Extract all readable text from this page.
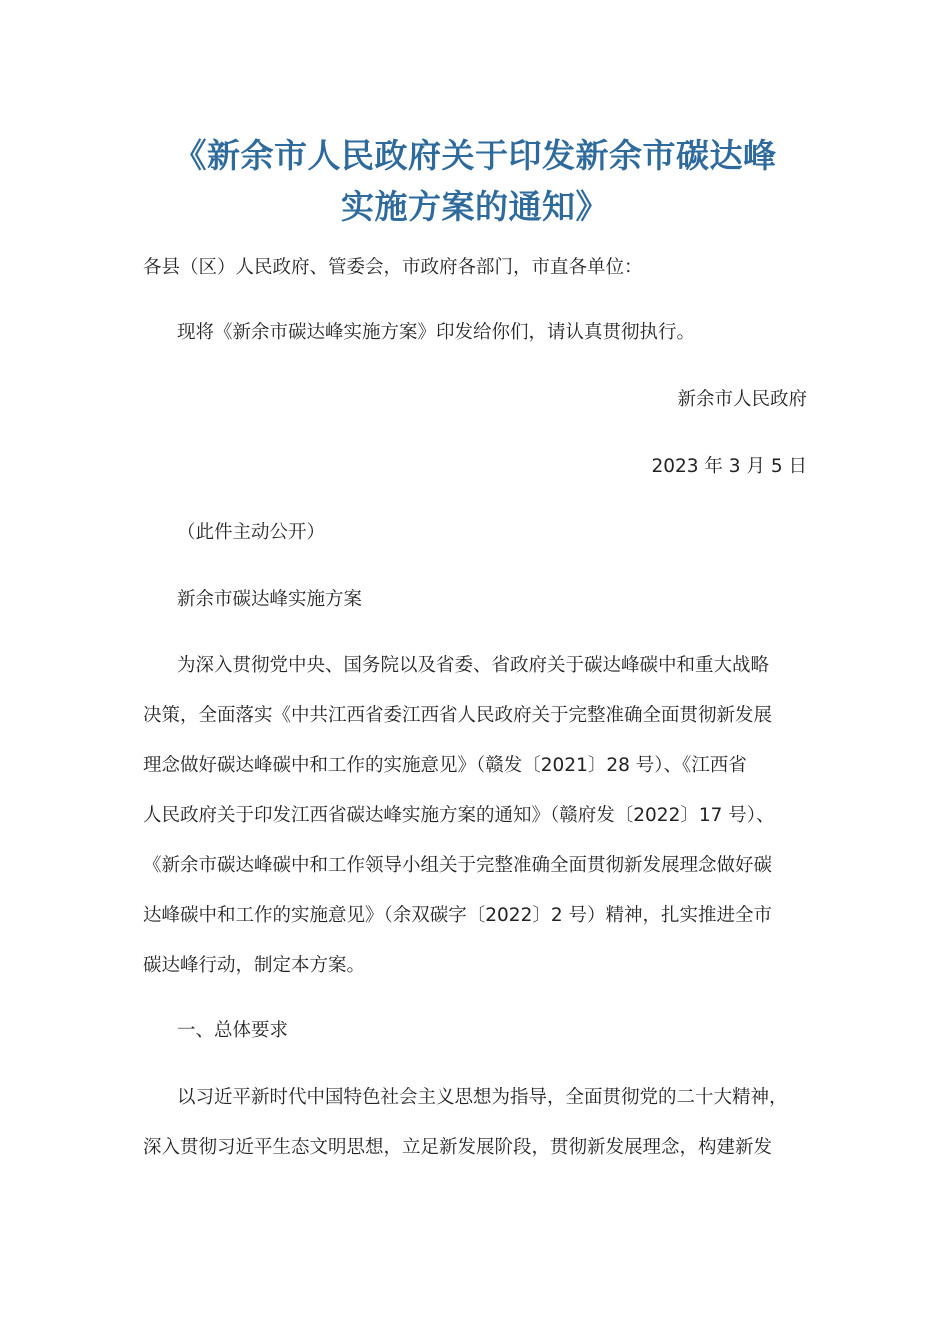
《新余市人民政府关于印发新余市碳达峰
实施方案的通知》
各县（区）人民政府、管委会，市政府各部门，市直各单位：
现将《新余市碳达峰实施方案》印发给你们，请认真贯彻执行。
新余市人民政府
2023 年 3 月 5 日
（此件主动公开）
新余市碳达峰实施方案
为深入贯彻党中央、国务院以及省委、省政府关于碳达峰碳中和重大战略
决策，全面落实《中共江西省委江西省人民政府关于完整准确全面贯彻新发展
理念做好碳达峰碳中和工作的实施意见》（赣发〔2021〕28 号）、《江西省
人民政府关于印发江西省碳达峰实施方案的通知》（赣府发〔2022〕17 号）、
《新余市碳达峰碳中和工作领导小组关于完整准确全面贯彻新发展理念做好碳
达峰碳中和工作的实施意见》（余双碳字〔2022〕2 号）精神，扎实推进全市
碳达峰行动，制定本方案。
一、总体要求
以习近平新时代中国特色社会主义思想为指导，全面贯彻党的二十大精神，
深入贯彻习近平生态文明思想，立足新发展阶段，贯彻新发展理念，构建新发
